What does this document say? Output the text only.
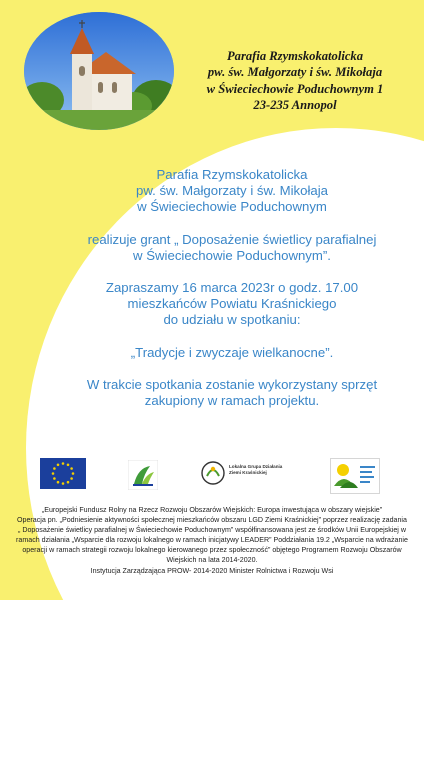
Parafia Rzymskokatolicka
pw. św. Małgorzaty i św. Mikołaja
w Świeciechowie Poduchownym 1
23-235 Annopol
Parafia Rzymskokatolicka
pw. św. Małgorzaty i św. Mikołaja
w Świeciechowie Poduchownym
realizuje grant „ Doposażenie świetlicy parafialnej
w Świeciechowie Poduchownym”.
Zapraszamy 16 marca 2023r o godz. 17.00
mieszkańców Powiatu Kraśnickiego
do udziału w spotkaniu:
„Tradycje i zwyczaje wielkanocne”.
W trakcie spotkania zostanie wykorzystany sprzęt
zakupiony w ramach projektu.
Lokalna Grupa Działania
Ziemi Kraśnickiej
„Europejski Fundusz Rolny na Rzecz Rozwoju Obszarów Wiejskich: Europa inwestująca w obszary wiejskie”
Operacja pn. „Podniesienie aktywności społecznej mieszkańców obszaru LGD Ziemi Kraśnickiej” poprzez realizację zadania
„ Doposażenie świetlicy parafialnej w Świeciechowie Poduchownym” współfinansowana jest ze środków Unii Europejskiej w
ramach działania „Wsparcie dla rozwoju lokalnego w ramach inicjatywy LEADER” Poddziałania 19.2 „Wsparcie na wdrażanie
operacji w ramach strategii rozwoju lokalnego kierowanego przez społeczność” objętego Programem Rozwoju Obszarów
Wiejskich na lata 2014-2020.
Instytucja Zarządzająca PROW- 2014-2020 Minister Rolnictwa i Rozwoju Wsi
